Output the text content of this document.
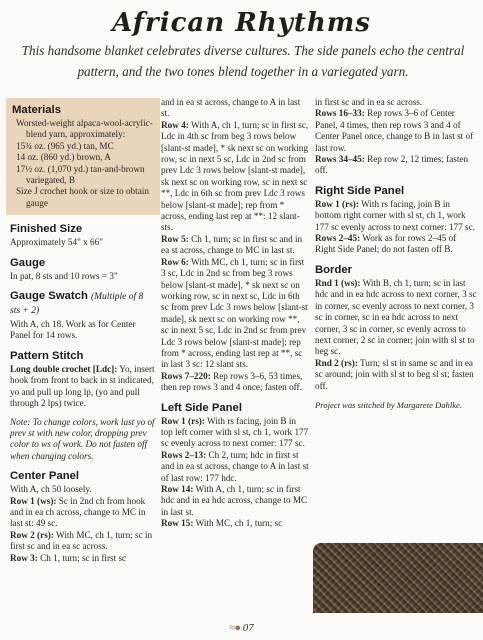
African Rhythms
This handsome blanket celebrates diverse cultures. The side panels echo the central pattern, and the two tones blend together in a variegated yarn.
Materials

Worsted-weight alpaca-wool-acrylic-blend yarn, approximately:

15¾ oz. (965 yd.) tan, MC

14 oz. (860 yd.) brown, A

17½ oz. (1,070 yd.) tan-and-brown variegated, B

Size J crochet hook or size to obtain gauge

Finished Size

Approximately 54" x 66"

Gauge

In pat, 8 sts and 10 rows = 3"

Gauge Swatch (Multiple of 8 sts + 2)

With A, ch 18. Work as for Center Panel for 14 rows.

Pattern Stitch

Long double crochet [Ldc]: Yo, insert hook from front to back in st indicated, yo and pull up long lp, (yo and pull through 2 lps) twice.

Note: To change colors, work last yo of prev st with new color, dropping prev color to ws of work. Do not fasten off when changing colors.

Center Panel

With A, ch 50 loosely.

Row 1 (ws): Sc in 2nd ch from hook and in ea ch across, change to MC in last st: 49 sc.

Row 2 (rs): With MC, ch 1, turn; sc in first sc and in ea sc across.

Row 3: Ch 1, turn; sc in first sc

and in ea st across, change to A in last st.

Row 4: With A, ch 1, turn; sc in first sc, Ldc in 4th sc from beg 3 rows below [slant-st made], * sk next sc on working row, sc in next 5 sc, Ldc in 2nd sc from prev Ldc 3 rows below [slant-st made], sk next sc on working row, sc in next sc **, Ldc in 6th sc from prev Ldc 3 rows below [slant-st made]; rep from * across, ending last rep at **: 12 slant-sts.

Row 5: Ch 1, turn; sc in first sc and in ea st across, change to MC in last st.

Row 6: With MC, ch 1, turn; sc in first 3 sc, Ldc in 2nd sc from beg 3 rows below [slant-st made], * sk next sc on working row, sc in next sc, Ldc in 6th sc from prev Ldc 3 rows below [slant-st made], sk next sc on working row **, sc in next 5 sc, Ldc in 2nd sc from prev Ldc 3 rows below [slant-st made]; rep from * across, ending last rep at **, sc in last 3 sc: 12 slant sts.

Rows 7–220: Rep rows 3–6, 53 times, then rep rows 3 and 4 once; fasten off.

Left Side Panel

Row 1 (rs): With rs facing, join B in top left corner with sl st, ch 1, work 177 sc evenly across to next corner: 177 sc.

Rows 2–13: Ch 2, turn; hdc in first st and in ea st across, change to A in last st of last row: 177 hdc.

Row 14: With A, ch 1, turn; sc in first hdc and in ea hdc across, change to MC in last st.

Row 15: With MC, ch 1, turn; sc

in first sc and in ea sc across.

Rows 16–33: Rep rows 3–6 of Center Panel, 4 times, then rep rows 3 and 4 of Center Panel once, change to B in last st of last row.

Rows 34–45: Rep row 2, 12 times; fasten off.

Right Side Panel

Row 1 (rs): With rs facing, join B in bottom right corner with sl st, ch 1, work 177 sc evenly across to next corner: 177 sc.

Rows 2–45: Work as for rows 2–45 of Right Side Panel; do not fasten off B.

Border

Rnd 1 (ws): With B, ch 1, turn; sc in last hdc and in ea hdc across to next corner, 3 sc in corner, sc evenly across to next corner, 3 sc in corner, sc in ea hdc across to next corner, 3 sc in corner, sc evenly across to next corner, 2 sc in corner; join with sl st to beg sc.

Rnd 2 (rs): Turn; sl st in same sc and in ea sc around; join with sl st to beg sl st; fasten off.

Project was stitched by Margarete Dahlke.

≈● 07
